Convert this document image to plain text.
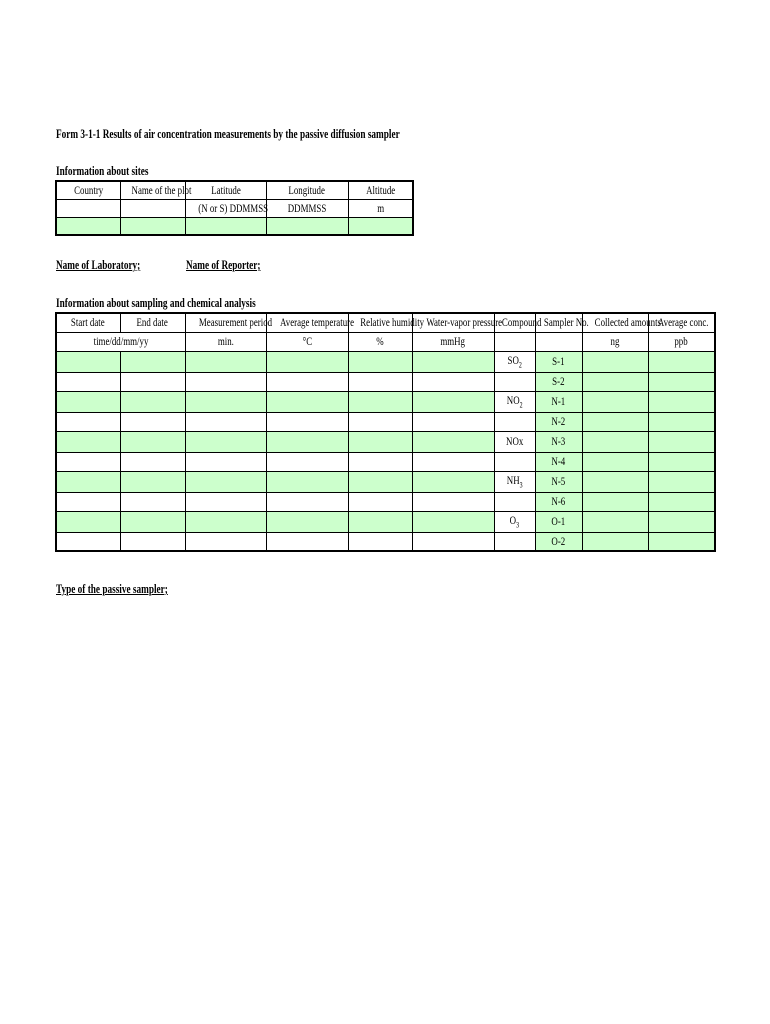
Form 3-1-1 Results of air concentration measurements by the passive diffusion sampler
Information about sites
Country	Name of the plot	Latitude	Longitude	Altitude
		(N or S) DDMMSS	DDMMSS	m

Name of Laboratory;	Name of Reporter;
Information about sampling and chemical analysis
Start date	End date	Measurement period	Average temperature	Relative humidity	Water-vapor pressure	Compound	Sampler No.	Collected amounts	Average conc.
time/dd/mm/yy		min.	°C	%	mmHg			ng	ppb
						$SO_2$	S-1		
							S-2		
						$NO_2$	N-1		
							N-2		
						NOx	N-3		
							N-4		
						$NH_3$	N-5		
							N-6		
						$O_3$	O-1		
							O-2		
Type of the passive sampler;
